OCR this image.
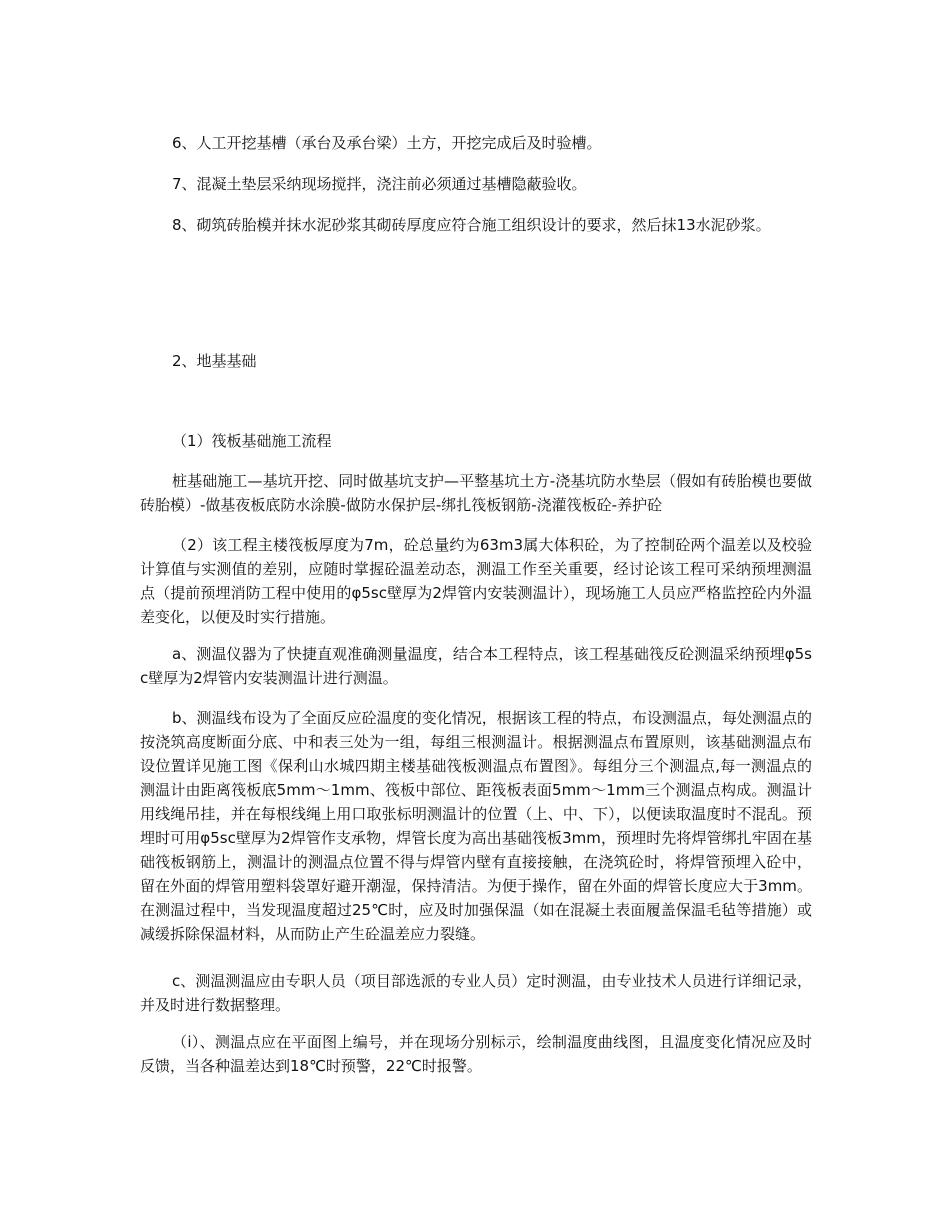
6、人工开挖基槽（承台及承台梁）土方，开挖完成后及时验槽。

7、混凝土垫层采纳现场搅拌，浇注前必须通过基槽隐蔽验收。

8、砌筑砖胎模并抹水泥砂浆其砌砖厚度应符合施工组织设计的要求，然后抹13水泥砂浆。

2、地基基础

（1）筏板基础施工流程

桩基础施工—基坑开挖、同时做基坑支护—平整基坑土方-浇基坑防水垫层（假如有砖胎模也要做砖胎模）-做基夜板底防水涂膜-做防水保护层-绑扎筏板钢筋-浇灌筏板砼-养护砼

（2）该工程主楼筏板厚度为7m，砼总量约为63m3属大体积砼，为了控制砼两个温差以及校验计算值与实测值的差别，应随时掌握砼温差动态，测温工作至关重要，经讨论该工程可采纳预埋测温点（提前预埋消防工程中使用的φ5sc壁厚为2焊管内安装测温计），现场施工人员应严格监控砼内外温差变化，以便及时实行措施。

a、测温仪器为了快捷直观准确测量温度，结合本工程特点，该工程基础筏反砼测温采纳预埋φ5sc壁厚为2焊管内安装测温计进行测温。

b、测温线布设为了全面反应砼温度的变化情况，根据该工程的特点，布设测温点，每处测温点的按浇筑高度断面分底、中和表三处为一组，每组三根测温计。根据测温点布置原则，该基础测温点布设位置详见施工图《保利山水城四期主楼基础筏板测温点布置图》。每组分三个测温点,每一测温点的测温计由距离筏板底5mm～1mm、筏板中部位、距筏板表面5mm～1mm三个测温点构成。测温计用线绳吊挂，并在每根线绳上用口取张标明测温计的位置（上、中、下），以便读取温度时不混乱。预埋时可用φ5sc壁厚为2焊管作支承物，焊管长度为高出基础筏板3mm，预埋时先将焊管绑扎牢固在基础筏板钢筋上，测温计的测温点位置不得与焊管内壁有直接接触，在浇筑砼时，将焊管预埋入砼中，留在外面的焊管用塑料袋罩好避开潮湿，保持清洁。为便于操作，留在外面的焊管长度应大于3mm。在测温过程中，当发现温度超过25℃时，应及时加强保温（如在混凝土表面履盖保温毛毡等措施）或减缓拆除保温材料，从而防止产生砼温差应力裂缝。

c、测温测温应由专职人员（项目部选派的专业人员）定时测温，由专业技术人员进行详细记录，并及时进行数据整理。

（ⅰ）、测温点应在平面图上编号，并在现场分别标示，绘制温度曲线图，且温度变化情况应及时反馈，当各种温差达到18℃时预警，22℃时报警。
